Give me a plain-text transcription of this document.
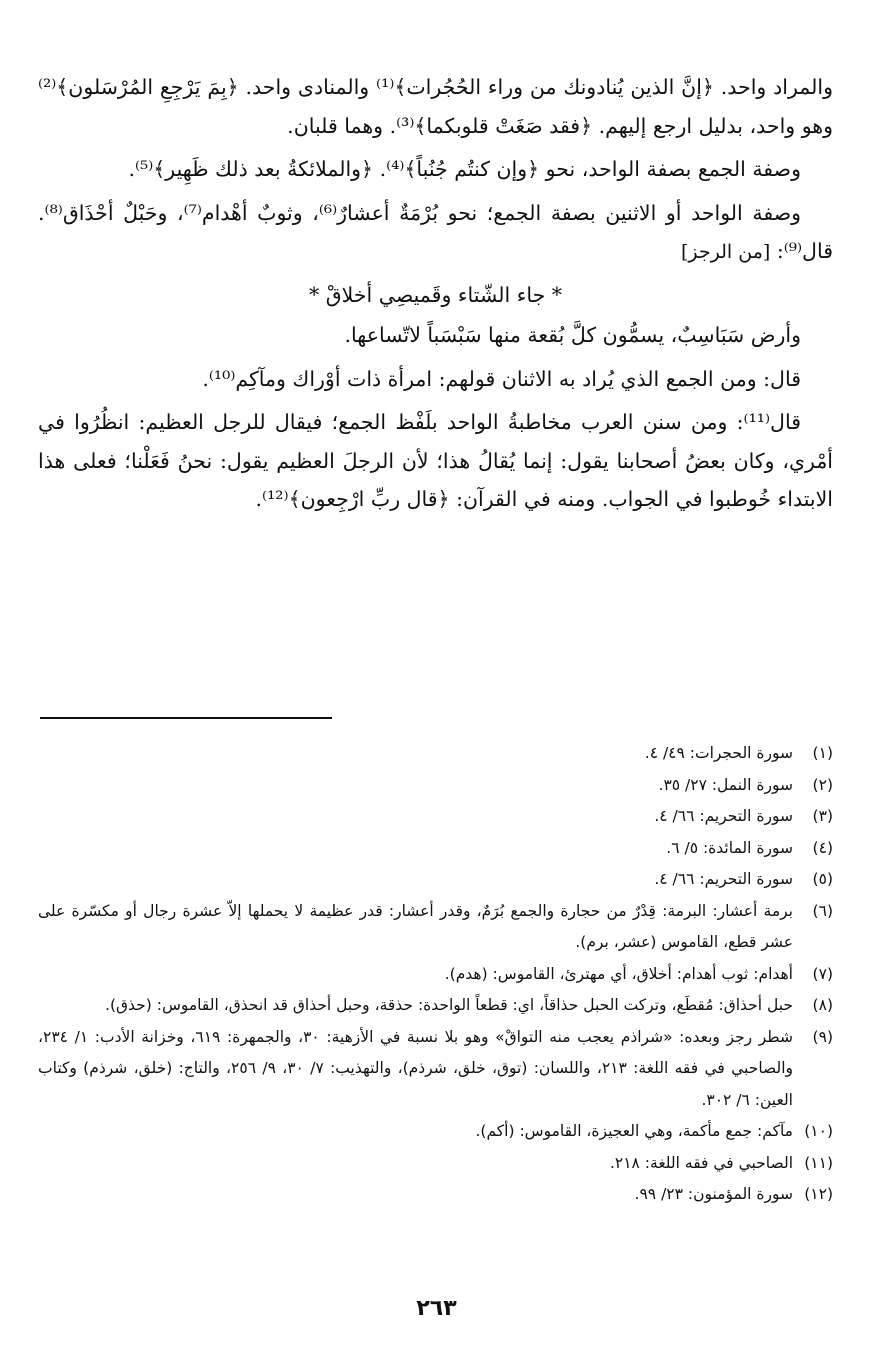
والمراد واحد. ﴿إنَّ الذين يُنادونك من وراء الحُجُرات﴾⁽¹⁾ والمنادى واحد. ﴿بِمَ يَرْجِعِ المُرْسَلون﴾⁽²⁾ وهو واحد، بدليل ارجع إليهم. ﴿فقد صَغَتْ قلوبكما﴾⁽³⁾. وهما قلبان.

وصفة الجمع بصفة الواحد، نحو ﴿وإن كنتُم جُنُباً﴾⁽⁴⁾. ﴿والملائكةُ بعد ذلك ظَهِير﴾⁽⁵⁾.

وصفة الواحد أو الاثنين بصفة الجمع؛ نحو بُرْمَةٌ أعشارٌ⁽⁶⁾، وثوبٌ أهْدام⁽⁷⁾، وحَبْلٌ أحْذَاق⁽⁸⁾. قال⁽⁹⁾: [من الرجز]
* جاء الشّتاء وقَميصِي أخلاقْ *

وأرض سَبَاسِبٌ، يسمُّون كلَّ بُقعة منها سَبْسَباً لاتّساعها.

قال: ومن الجمع الذي يُراد به الاثنان قولهم: امرأة ذات أوْراك ومآكِم⁽¹⁰⁾.

قال⁽¹¹⁾: ومن سنن العرب مخاطبةُ الواحد بلَفْظ الجمع؛ فيقال للرجل العظيم: انظُرُوا في أمْري، وكان بعضُ أصحابنا يقول: إنما يُقالُ هذا؛ لأن الرجلَ العظيم يقول: نحنُ فَعَلْنا؛ فعلى هذا الابتداء خُوطبوا في الجواب. ومنه في القرآن: ﴿قال ربِّ ارْجِعون﴾⁽¹²⁾.

(١)
سورة الحجرات: ٤٩/ ٤.
(٢)
سورة النمل: ٢٧/ ٣٥.
(٣)
سورة التحريم: ٦٦/ ٤.
(٤)
سورة المائدة: ٥/ ٦.
(٥)
سورة التحريم: ٦٦/ ٤.
(٦)
برمة أعشار: البرمة: قِدْرٌ من حجارة والجمع بُرَمٌ، وقدر أعشار: قدر عظيمة لا يحملها إلاّ عشرة رجال أو مكسّرة على عشر قطع، القاموس (عشر، برم).
(٧)
أهدام: ثوب أهدام: أخلاق، أي مهترئ، القاموس: (هدم).
(٨)
حبل أحذاق: مُقطَع، وتركت الحبل حذاقاً، اي: قطعاً الواحدة: حذقة، وحبل أحذاق قد انحذق، القاموس: (حذق).
(٩)
شطر رجز وبعده: «شراذم يعجب منه التواقْ» وهو بلا نسبة في الأزهية: ٣٠، والجمهرة: ٦١٩، وخزانة الأدب: ١/ ٢٣٤، والصاحبي في فقه اللغة: ٢١٣، واللسان: (توق، خلق، شرذم)، والتهذيب: ٧/ ٣٠، ٩/ ٢٥٦، والتاج: (خلق، شرذم) وكتاب العين: ٦/ ٣٠٢.
(١٠)
مآكم: جمع مأكمة، وهي العجيزة، القاموس: (أكم).
(١١)
الصاحبي في فقه اللغة: ٢١٨.
(١٢)
سورة المؤمنون: ٢٣/ ٩٩.
٢٦٣
